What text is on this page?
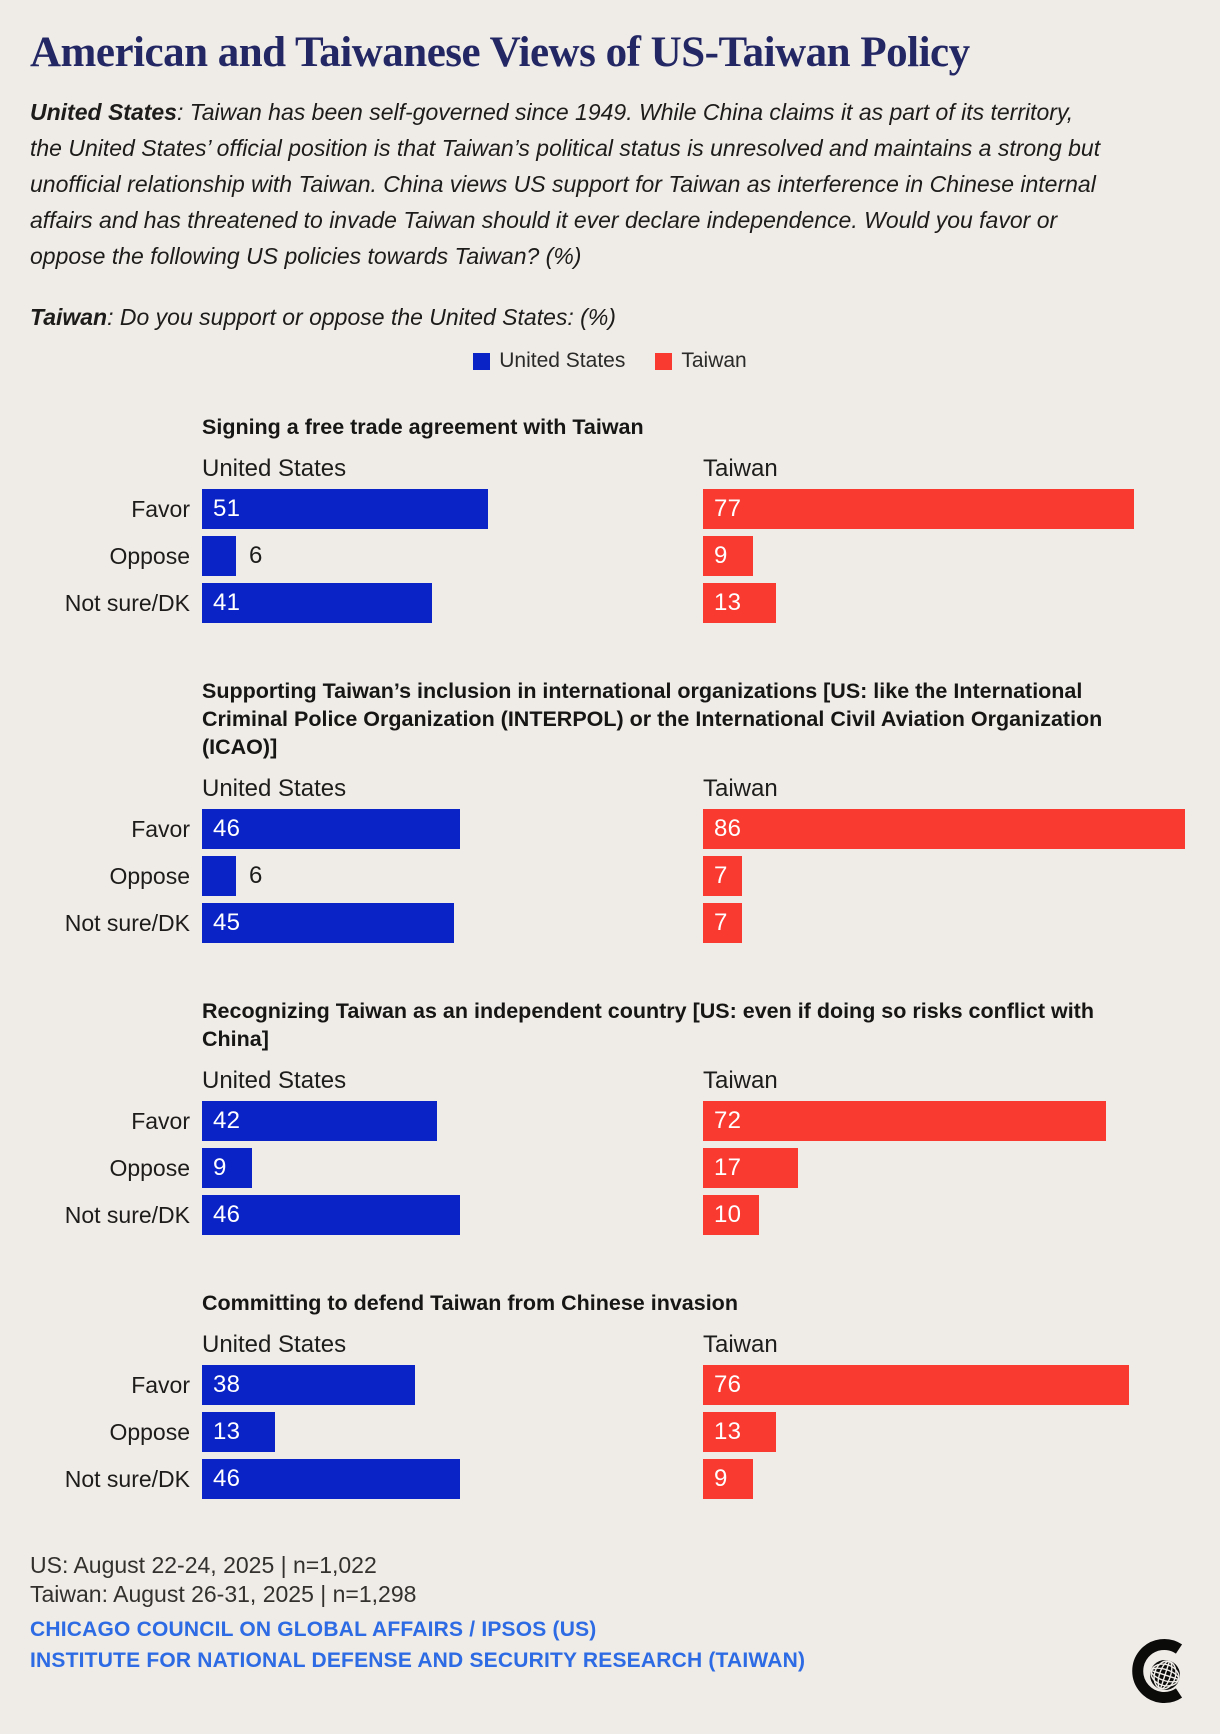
American and Taiwanese Views of US-Taiwan Policy

United States: Taiwan has been self-governed since 1949. While China claims it as part of its territory, the United States’ official position is that Taiwan’s political status is unresolved and maintains a strong but unofficial relationship with Taiwan. China views US support for Taiwan as interference in Chinese internal affairs and has threatened to invade Taiwan should it ever declare independence. Would you favor or oppose the following US policies towards Taiwan? (%)

Taiwan: Do you support or oppose the United States: (%)

United States	Taiwan
Signing a free trade agreement with Taiwan
United States	Taiwan
Favor 51	77
Oppose	6	9
Not sure/DK 41	13
Supporting Taiwan’s inclusion in international organizations [US: like the International Criminal Police Organization (INTERPOL) or the International Civil Aviation Organization (ICAO)]
United States	Taiwan
Favor 46	86
Oppose	6	7
Not sure/DK 45	7
Recognizing Taiwan as an independent country [US: even if doing so risks conflict with China]
United States	Taiwan
Favor 42	72
Oppose 9	17
Not sure/DK 46	10
Committing to defend Taiwan from Chinese invasion
United States	Taiwan
Favor 38	76
Oppose 13	13
Not sure/DK 46	9
US: August 22-24, 2025 | n=1,022
Taiwan: August 26-31, 2025 | n=1,298
CHICAGO COUNCIL ON GLOBAL AFFAIRS / IPSOS (US)
INSTITUTE FOR NATIONAL DEFENSE AND SECURITY RESEARCH (TAIWAN)
